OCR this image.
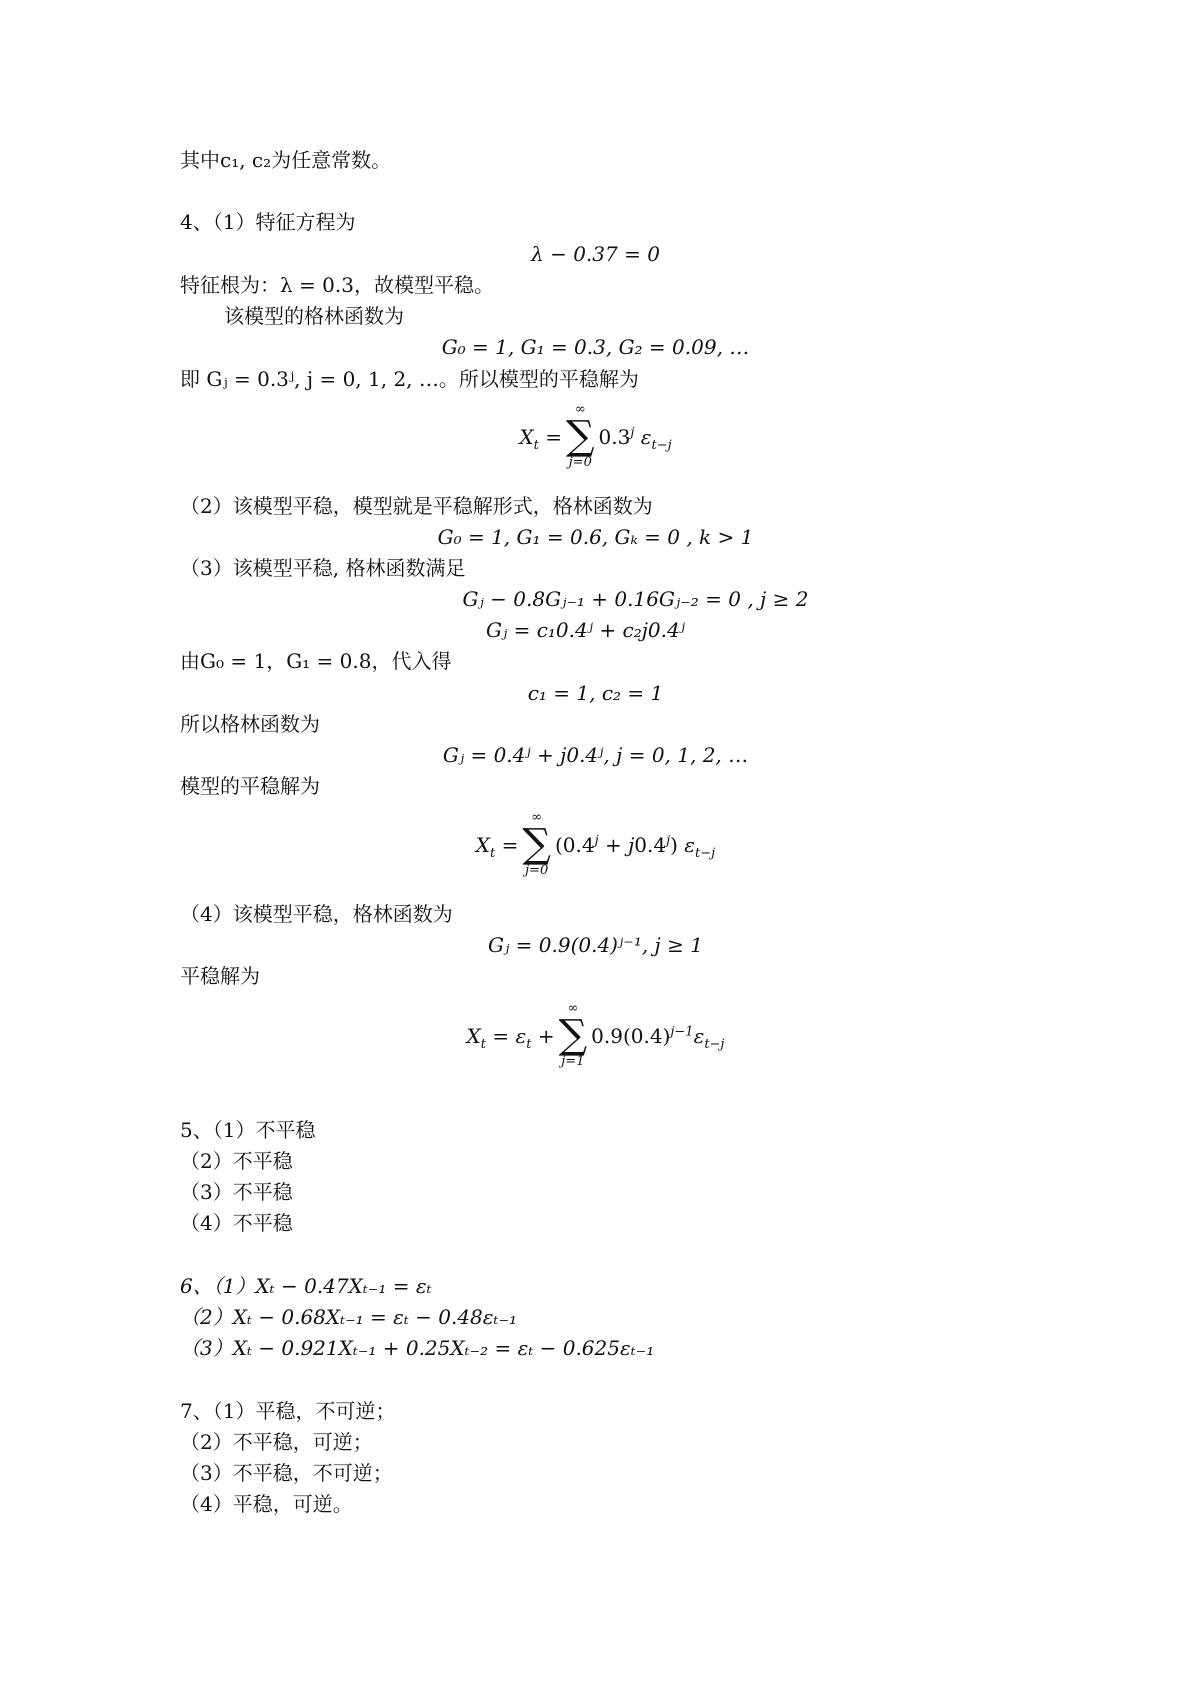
其中c₁, c₂为任意常数。
4、（1）特征方程为
λ − 0.37 = 0
特征根为：λ = 0.3，故模型平稳。
该模型的格林函数为
G₀ = 1, G₁ = 0.3, G₂ = 0.09, …
即 Gⱼ = 0.3ʲ, j = 0, 1, 2, …。所以模型的平稳解为
$X_t$ =
∞
∑
j=0
0.3$^j$ $\varepsilon_{t-j}$
（2）该模型平稳，模型就是平稳解形式，格林函数为
G₀ = 1, G₁ = 0.6, Gₖ = 0 , k > 1
（3）该模型平稳, 格林函数满足
Gⱼ − 0.8Gⱼ₋₁ + 0.16Gⱼ₋₂ = 0 , j ≥ 2
Gⱼ = c₁0.4ʲ + c₂j0.4ʲ
由G₀ = 1，G₁ = 0.8，代入得
c₁ = 1, c₂ = 1
所以格林函数为
Gⱼ = 0.4ʲ + j0.4ʲ, j = 0, 1, 2, …
模型的平稳解为
$X_t$ =
∞
∑
j=0
$(0.4^j + j0.4^j)$ $\varepsilon_{t-j}$
（4）该模型平稳，格林函数为
Gⱼ = 0.9(0.4)ʲ⁻¹, j ≥ 1
平稳解为
$X_t = \varepsilon_t$ +
∞
∑
j=1
$0.9(0.4)^{j-1}\varepsilon_{t-j}$
5、（1）不平稳
（2）不平稳
（3）不平稳
（4）不平稳
6、（1）Xₜ − 0.47Xₜ₋₁ = εₜ
（2）Xₜ − 0.68Xₜ₋₁ = εₜ − 0.48εₜ₋₁
（3）Xₜ − 0.921Xₜ₋₁ + 0.25Xₜ₋₂ = εₜ − 0.625εₜ₋₁
7、（1）平稳，不可逆；
（2）不平稳，可逆；
（3）不平稳，不可逆；
（4）平稳，可逆。
